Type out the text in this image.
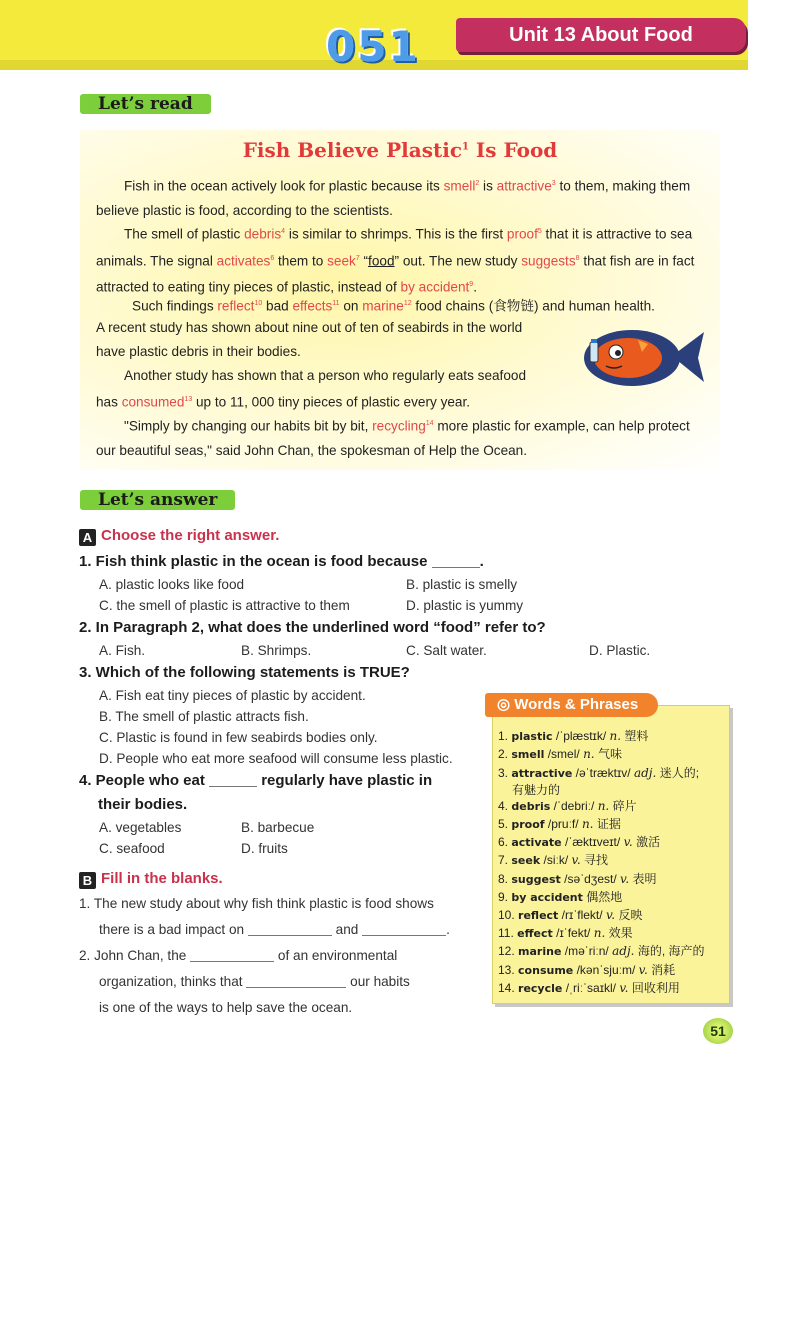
051	Unit 13 About Food
Let’s read
Fish Believe Plastic$^1$ Is Food
Fish in the ocean actively look for plastic because its smell$^2$ is attractive$^3$ to them, making them believe plastic is food, according to the scientists.
The smell of plastic debris$^4$ is similar to shrimps. This is the first proof$^5$ that it is attractive to sea animals. The signal activates$^6$ them to seek$^7$ “food” out. The new study suggests$^8$ that fish are in fact attracted to eating tiny pieces of plastic, instead of by accident$^9$.
Such findings reflect$^{10}$ bad effects$^{11}$ on marine$^{12}$ food chains (食物链) and human health.
A recent study has shown about nine out of ten of seabirds in the world
have plastic debris in their bodies.
Another study has shown that a person who regularly eats seafood
has consumed$^{13}$ up to 11, 000 tiny pieces of plastic every year.
"Simply by changing our habits bit by bit, recycling$^{14}$ more plastic for example, can help protect our beautiful seas," said John Chan, the spokesman of Help the Ocean.
Let’s answer
A Choose the right answer.
1. Fish think plastic in the ocean is food because	.
A. plastic looks like food	B. plastic is smelly
C. the smell of plastic is attractive to them	D. plastic is yummy
2. In Paragraph 2, what does the underlined word “food” refer to?
A. Fish.	B. Shrimps.	C. Salt water.	D. Plastic.
3. Which of the following statements is TRUE?
A. Fish eat tiny pieces of plastic by accident.
B. The smell of plastic attracts fish.
C. Plastic is found in few seabirds bodies only.
D. People who eat more seafood will consume less plastic.
4. People who eat	regularly have plastic in
their bodies.
A. vegetables	B. barbecue
C. seafood	D. fruits
B Fill in the blanks.
1. The new study about why fish think plastic is food shows
there is a bad impact on	and	.
2. John Chan, the	of an environmental
organization, thinks that	our habits
is one of the ways to help save the ocean.
◎ Words & Phrases
1. plastic /ˈplæstɪk/ n. 塑料
2. smell /smel/ n. 气味
3. attractive /əˈtræktɪv/ adj. 迷人的;
有魅力的
4. debris /ˈdebriː/ n. 碎片
5. proof /pruːf/ n. 证据
6. activate /ˈæktɪveɪt/ v. 激活
7. seek /siːk/ v. 寻找
8. suggest /səˈdʒest/ v. 表明
9. by accident 偶然地
10. reflect /rɪˈflekt/ v. 反映
11. effect /ɪˈfekt/ n. 效果
12. marine /məˈriːn/ adj. 海的, 海产的
13. consume /kənˈsjuːm/ v. 消耗
14. recycle /ˌriːˈsaɪkl/ v. 回收利用
51
